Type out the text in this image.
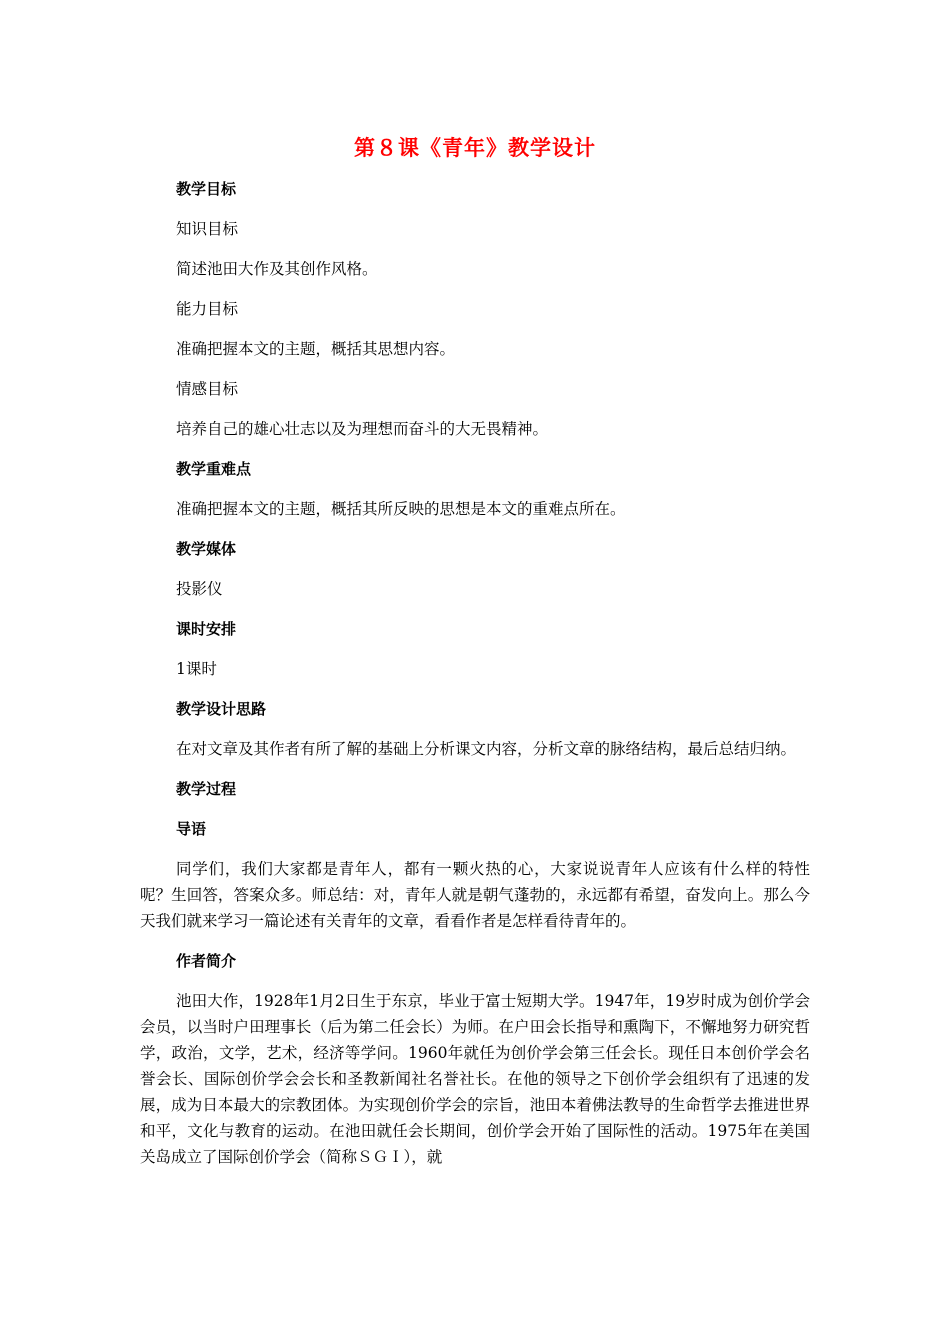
第８课《青年》教学设计

教学目标

知识目标

简述池田大作及其创作风格。

能力目标

准确把握本文的主题，概括其思想内容。

情感目标

培养自己的雄心壮志以及为理想而奋斗的大无畏精神。

教学重难点

准确把握本文的主题，概括其所反映的思想是本文的重难点所在。

教学媒体

投影仪

课时安排

1课时

教学设计思路

在对文章及其作者有所了解的基础上分析课文内容，分析文章的脉络结构，最后总结归纳。

教学过程

导语

同学们，我们大家都是青年人，都有一颗火热的心，大家说说青年人应该有什么样的特性呢？生回答，答案众多。师总结：对，青年人就是朝气蓬勃的，永远都有希望，奋发向上。那么今天我们就来学习一篇论述有关青年的文章，看看作者是怎样看待青年的。

作者简介

池田大作，1928年1月2日生于东京，毕业于富士短期大学。1947年，19岁时成为创价学会会员，以当时户田理事长（后为第二任会长）为师。在户田会长指导和熏陶下，不懈地努力研究哲学，政治，文学，艺术，经济等学问。1960年就任为创价学会第三任会长。现任日本创价学会名誉会长、国际创价学会会长和圣教新闻社名誉社长。在他的领导之下创价学会组织有了迅速的发展，成为日本最大的宗教团体。为实现创价学会的宗旨，池田本着佛法教导的生命哲学去推进世界和平，文化与教育的运动。在池田就任会长期间，创价学会开始了国际性的活动。1975年在美国关岛成立了国际创价学会（简称ＳＧＩ），就
